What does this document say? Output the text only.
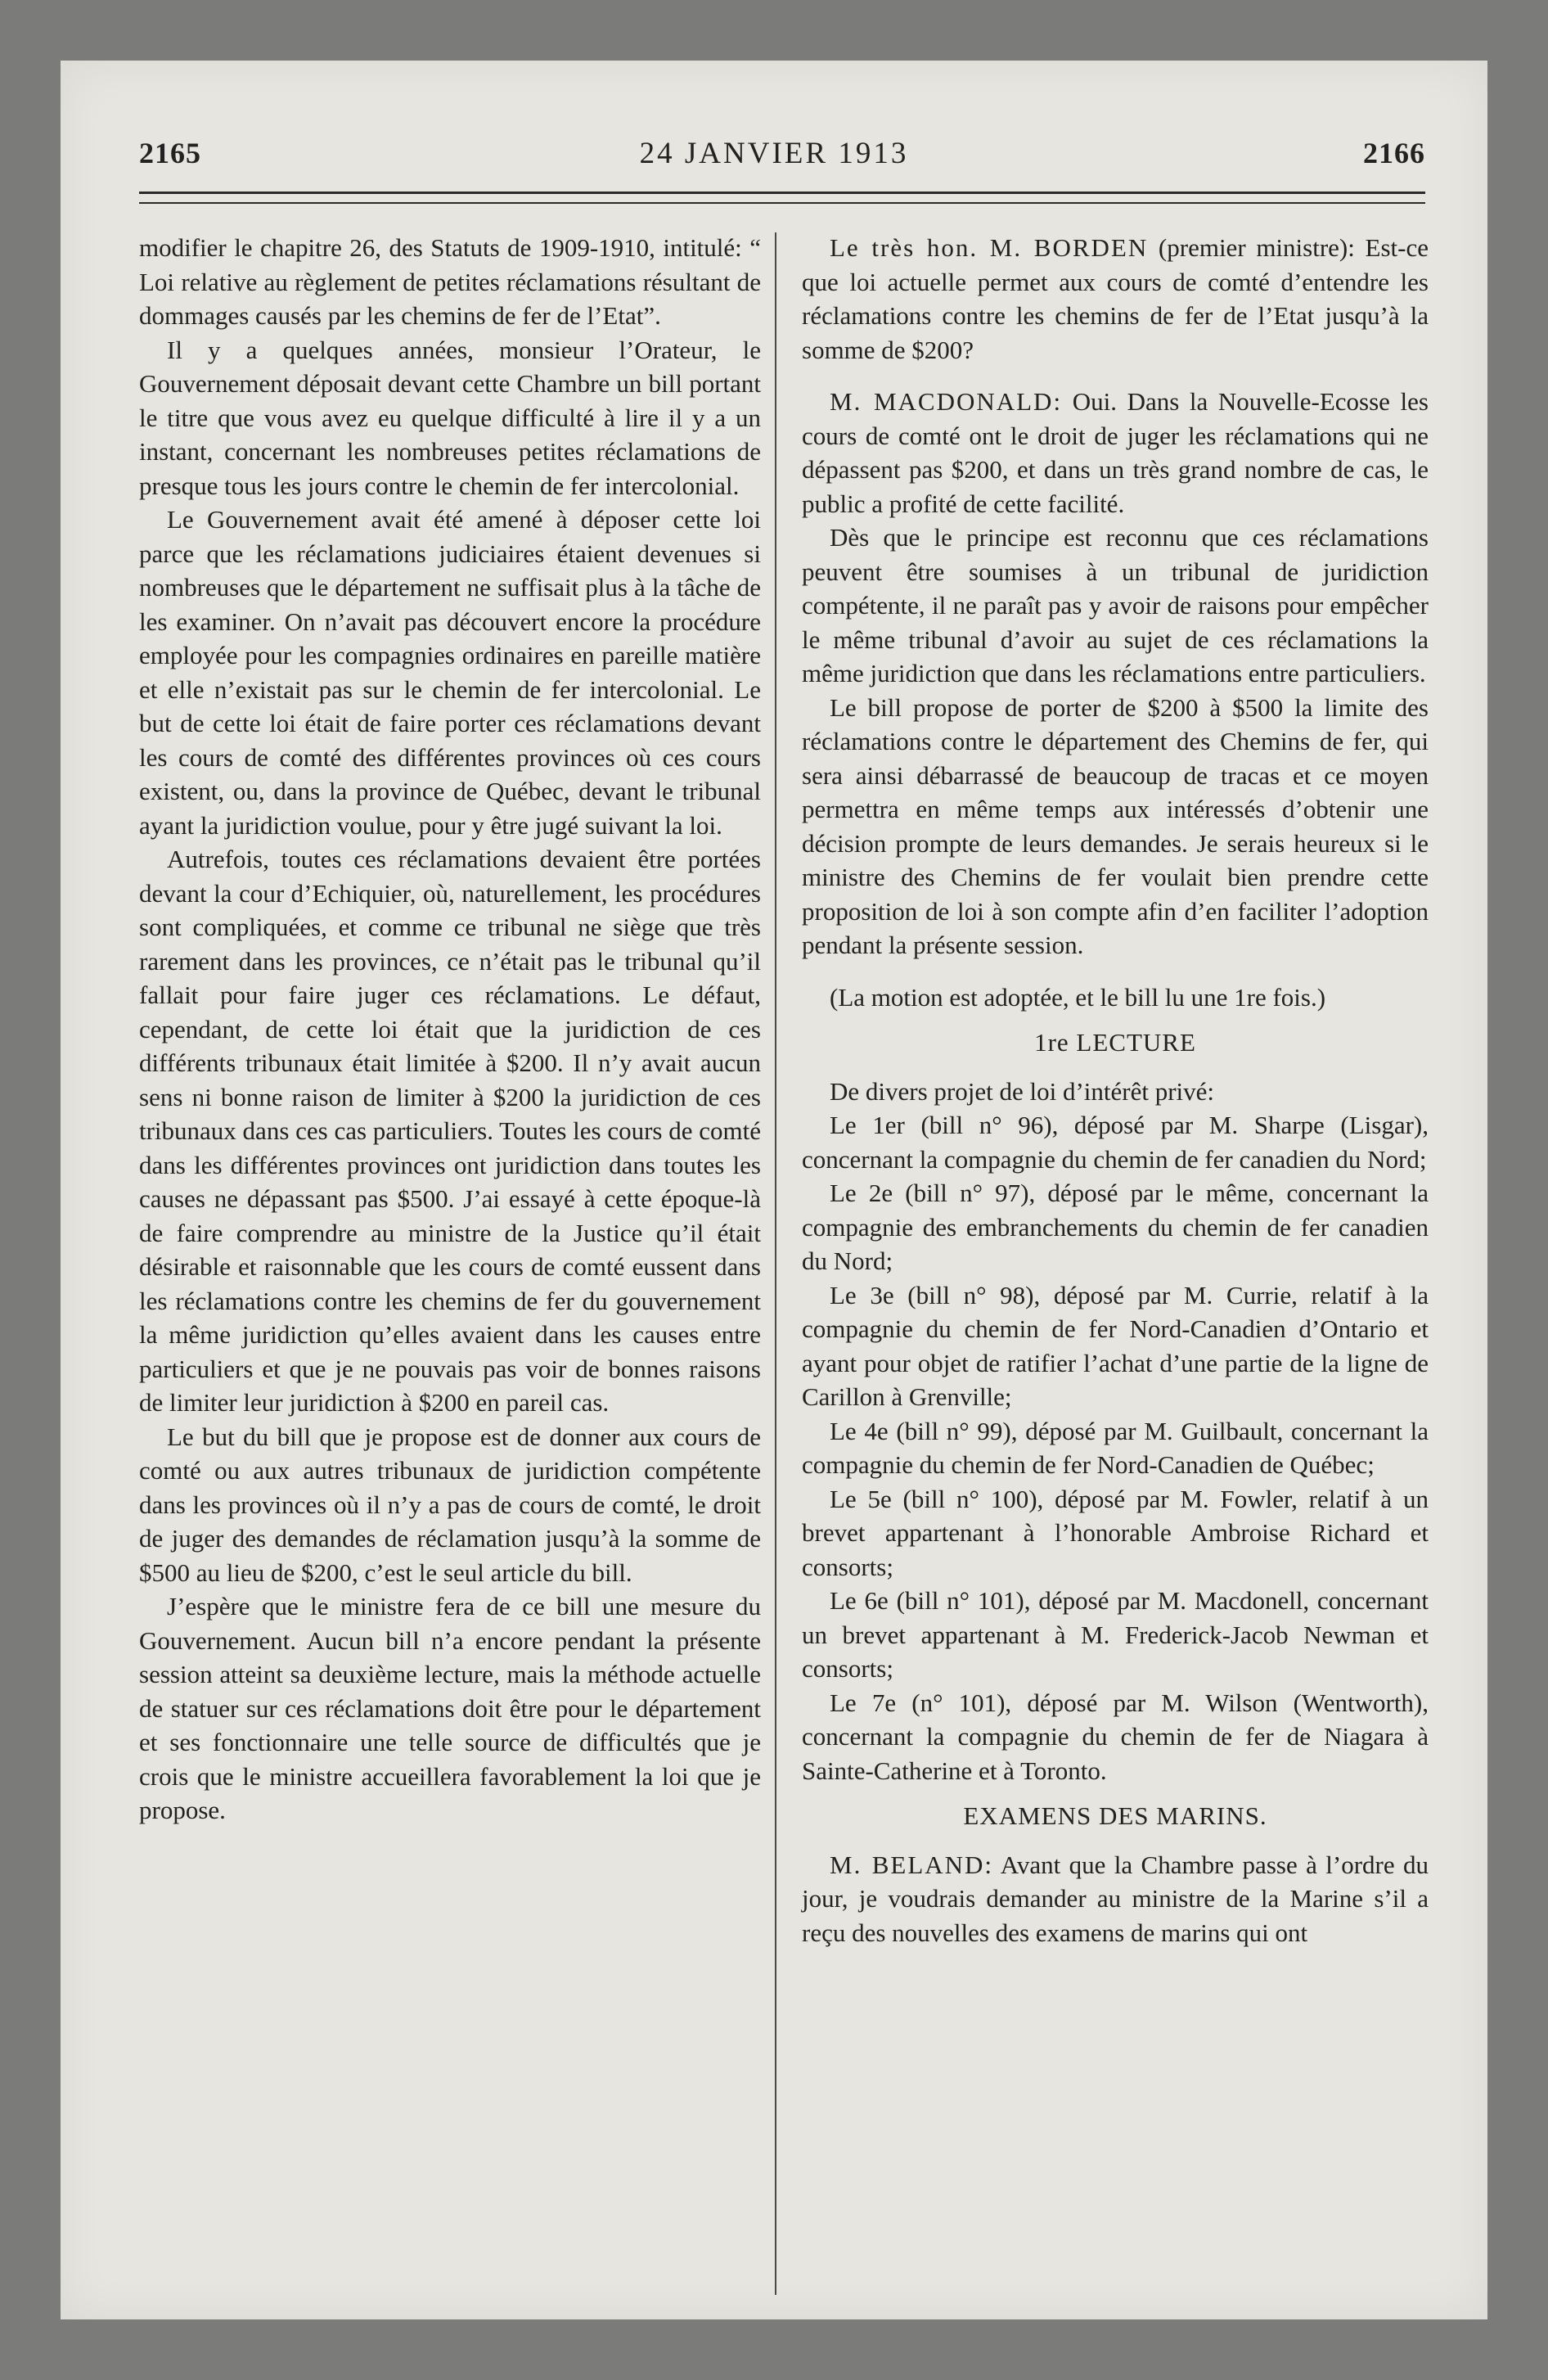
2165	24 JANVIER 1913	2166

modifier le chapitre 26, des Statuts de 1909-1910, intitulé: “ Loi relative au règlement de petites réclamations résultant de dommages causés par les chemins de fer de l’Etat”.

Il y a quelques années, monsieur l’Orateur, le Gouvernement déposait devant cette Chambre un bill portant le titre que vous avez eu quelque difficulté à lire il y a un instant, concernant les nombreuses petites réclamations de presque tous les jours contre le chemin de fer intercolonial.

Le Gouvernement avait été amené à déposer cette loi parce que les réclamations judiciaires étaient devenues si nombreuses que le département ne suffisait plus à la tâche de les examiner. On n’avait pas découvert encore la procédure employée pour les compagnies ordinaires en pareille matière et elle n’existait pas sur le chemin de fer intercolonial. Le but de cette loi était de faire porter ces réclamations devant les cours de comté des différentes provinces où ces cours existent, ou, dans la province de Québec, devant le tribunal ayant la juridiction voulue, pour y être jugé suivant la loi.

Autrefois, toutes ces réclamations devaient être portées devant la cour d’Echiquier, où, naturellement, les procédures sont compliquées, et comme ce tribunal ne siège que très rarement dans les provinces, ce n’était pas le tribunal qu’il fallait pour faire juger ces réclamations. Le défaut, cependant, de cette loi était que la juridiction de ces différents tribunaux était limitée à $200. Il n’y avait aucun sens ni bonne raison de limiter à $200 la juridiction de ces tribunaux dans ces cas particuliers. Toutes les cours de comté dans les différentes provinces ont juridiction dans toutes les causes ne dépassant pas $500. J’ai essayé à cette époque-là de faire comprendre au ministre de la Justice qu’il était désirable et raisonnable que les cours de comté eussent dans les réclamations contre les chemins de fer du gouvernement la même juridiction qu’elles avaient dans les causes entre particuliers et que je ne pouvais pas voir de bonnes raisons de limiter leur juridiction à $200 en pareil cas.

Le but du bill que je propose est de donner aux cours de comté ou aux autres tribunaux de juridiction compétente dans les provinces où il n’y a pas de cours de comté, le droit de juger des demandes de réclamation jusqu’à la somme de $500 au lieu de $200, c’est le seul article du bill.

J’espère que le ministre fera de ce bill une mesure du Gouvernement. Aucun bill n’a encore pendant la présente session atteint sa deuxième lecture, mais la méthode actuelle de statuer sur ces réclamations doit être pour le département et ses fonctionnaire une telle source de difficultés que je crois que le ministre accueillera favorablement la loi que je propose.

Le très hon. M. BORDEN (premier ministre): Est-ce que loi actuelle permet aux cours de comté d’entendre les réclamations contre les chemins de fer de l’Etat jusqu’à la somme de $200?

M. MACDONALD: Oui. Dans la Nouvelle-Ecosse les cours de comté ont le droit de juger les réclamations qui ne dépassent pas $200, et dans un très grand nombre de cas, le public a profité de cette facilité.

Dès que le principe est reconnu que ces réclamations peuvent être soumises à un tribunal de juridiction compétente, il ne paraît pas y avoir de raisons pour empêcher le même tribunal d’avoir au sujet de ces réclamations la même juridiction que dans les réclamations entre particuliers.

Le bill propose de porter de $200 à $500 la limite des réclamations contre le département des Chemins de fer, qui sera ainsi débarrassé de beaucoup de tracas et ce moyen permettra en même temps aux intéressés d’obtenir une décision prompte de leurs demandes. Je serais heureux si le ministre des Chemins de fer voulait bien prendre cette proposition de loi à son compte afin d’en faciliter l’adoption pendant la présente session.

(La motion est adoptée, et le bill lu une 1re fois.)

1re LECTURE

De divers projet de loi d’intérêt privé:

Le 1er (bill n° 96), déposé par M. Sharpe (Lisgar), concernant la compagnie du chemin de fer canadien du Nord;

Le 2e (bill n° 97), déposé par le même, concernant la compagnie des embranchements du chemin de fer canadien du Nord;

Le 3e (bill n° 98), déposé par M. Currie, relatif à la compagnie du chemin de fer Nord-Canadien d’Ontario et ayant pour objet de ratifier l’achat d’une partie de la ligne de Carillon à Grenville;

Le 4e (bill n° 99), déposé par M. Guilbault, concernant la compagnie du chemin de fer Nord-Canadien de Québec;

Le 5e (bill n° 100), déposé par M. Fowler, relatif à un brevet appartenant à l’honorable Ambroise Richard et consorts;

Le 6e (bill n° 101), déposé par M. Macdonell, concernant un brevet appartenant à M. Frederick-Jacob Newman et consorts;

Le 7e (n° 101), déposé par M. Wilson (Wentworth), concernant la compagnie du chemin de fer de Niagara à Sainte-Catherine et à Toronto.

EXAMENS DES MARINS.

M. BELAND: Avant que la Chambre passe à l’ordre du jour, je voudrais demander au ministre de la Marine s’il a reçu des nouvelles des examens de marins qui ont
